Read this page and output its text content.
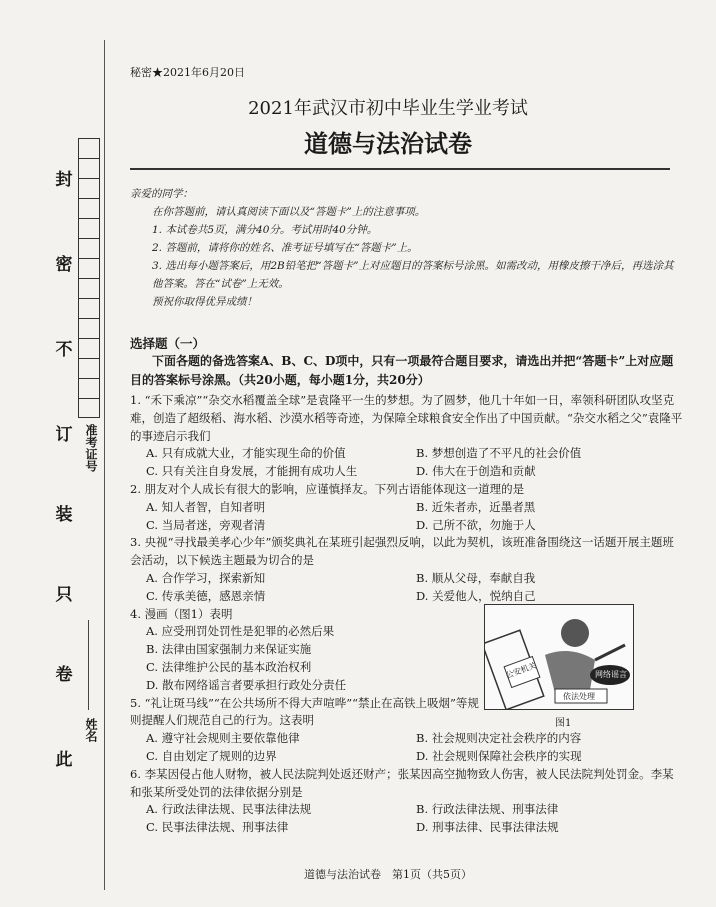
封
密
不
订
装
只
卷
此
准考证号
姓名
秘密★2021年6月20日
2021年武汉市初中毕业生学业考试
道德与法治试卷

亲爱的同学：

在你答题前，请认真阅读下面以及“答题卡”上的注意事项。

1. 本试卷共5页，满分40分。考试用时40分钟。

2. 答题前，请将你的姓名、准考证号填写在“答题卡”上。

3. 选出每小题答案后，用2B铅笔把“答题卡”上对应题目的答案标号涂黑。如需改动，用橡皮擦干净后，再选涂其他答案。答在“试卷”上无效。

预祝你取得优异成绩！

选择题（一）
下面各题的备选答案A、B、C、D项中，只有一项最符合题目要求，请选出并把“答题卡”上对应题目的答案标号涂黑。（共20小题，每小题1分，共20分）
1. “禾下乘凉”“杂交水稻覆盖全球”是袁隆平一生的梦想。为了圆梦，他几十年如一日，率领科研团队攻坚克难，创造了超级稻、海水稻、沙漠水稻等奇迹，为保障全球粮食安全作出了中国贡献。“杂交水稻之父”袁隆平的事迹启示我们
A. 只有成就大业，才能实现生命的价值	B. 梦想创造了不平凡的社会价值
C. 只有关注自身发展，才能拥有成功人生	D. 伟大在于创造和贡献
2. 朋友对个人成长有很大的影响，应谨慎择友。下列古语能体现这一道理的是
A. 知人者智，自知者明	B. 近朱者赤，近墨者黑
C. 当局者迷，旁观者清	D. 己所不欲，勿施于人
3. 央视“寻找最美孝心少年”颁奖典礼在某班引起强烈反响，以此为契机，该班准备围绕这一话题开展主题班会活动，以下候选主题最为切合的是
A. 合作学习，探索新知	B. 顺从父母，奉献自我
C. 传承美德，感恩亲情	D. 关爱他人，悦纳自己
4. 漫画（图1）表明
A. 应受刑罚处罚性是犯罪的必然后果
B. 法律由国家强制力来保证实施
C. 法律维护公民的基本政治权利
D. 散布网络谣言者要承担行政处分责任
5. “礼让斑马线”“在公共场所不得大声喧哗”“禁止在高铁上吸烟”等规则提醒人们规范自己的行为。这表明
A. 遵守社会规则主要依靠他律	B. 社会规则决定社会秩序的内容
C. 自由划定了规则的边界	D. 社会规则保障社会秩序的实现
6. 李某因侵占他人财物，被人民法院判处返还财产；张某因高空抛物致人伤害，被人民法院判处罚金。李某和张某所受处罚的法律依据分别是
A. 行政法律法规、民事法律法规	B. 行政法律法规、刑事法律
C. 民事法律法规、刑事法律	D. 刑事法律、民事法律法规
公安机关	网络谣言
依法处理
图1
道德与法治试卷　第1页（共5页）
